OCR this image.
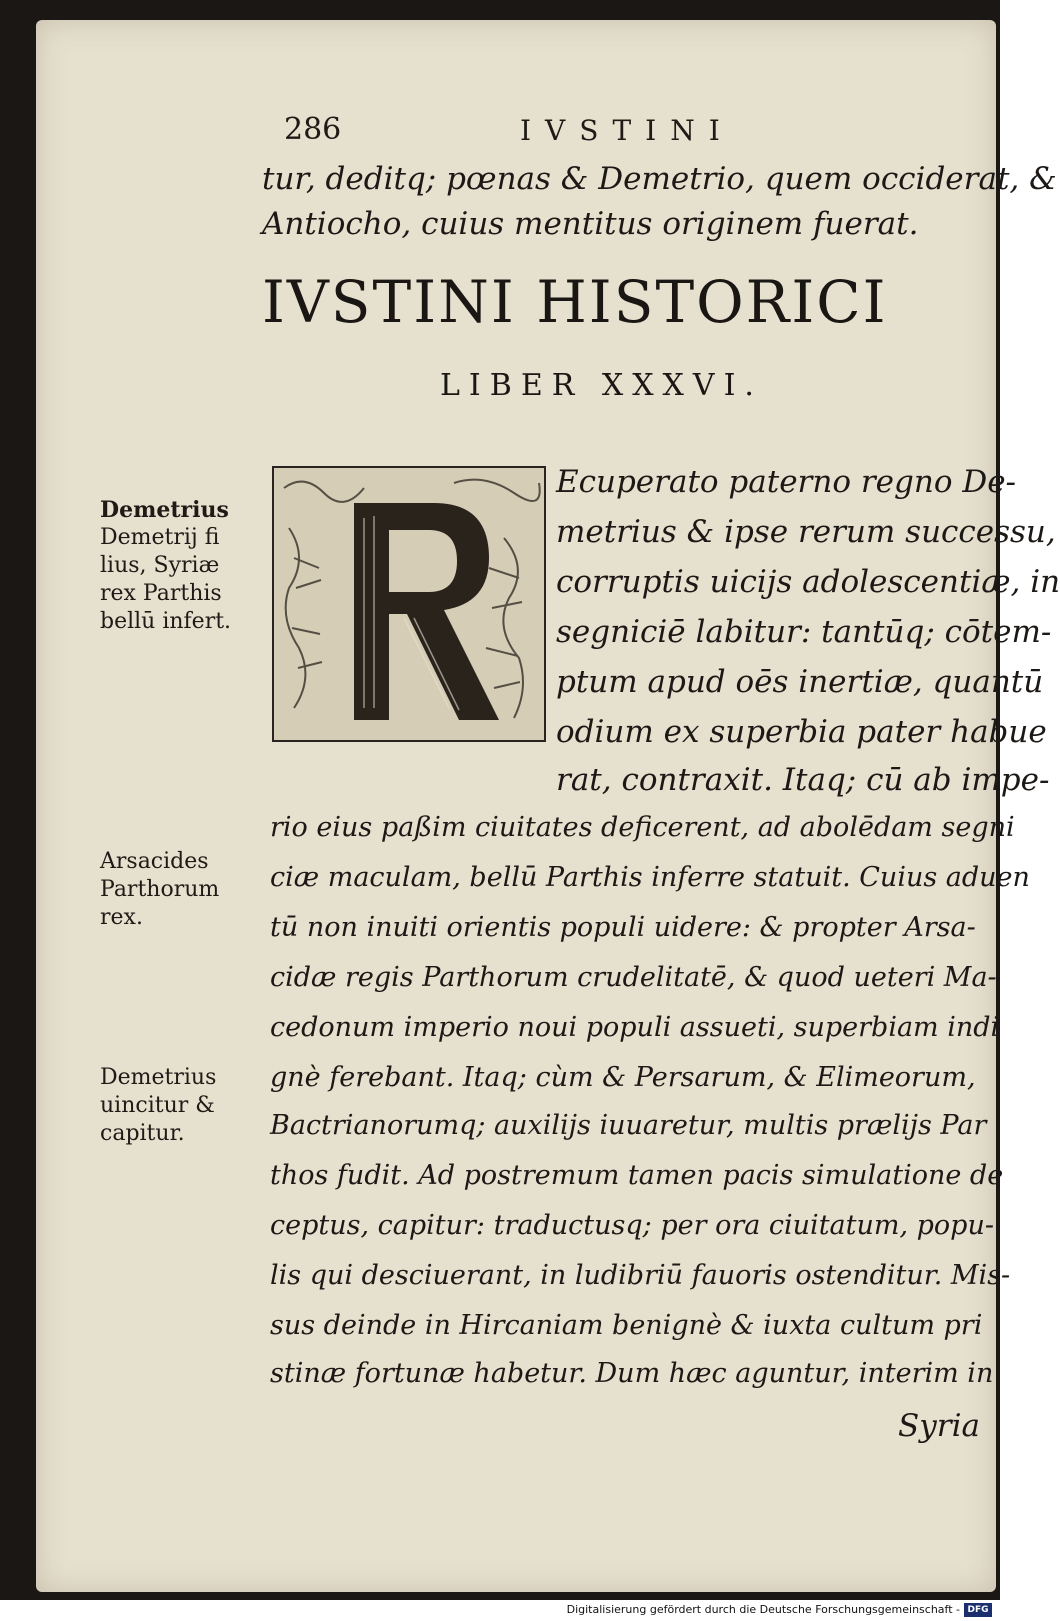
286	IVSTINI
tur, deditq; pœnas & Demetrio, quem occiderat, &
Antiocho, cuius mentitus originem fuerat.
IVSTINI HISTORICI
LIBER XXXVI.
Ecuperato paterno regno De-
metrius & ipse rerum successu,
corruptis uicijs adolescentiæ, in
segniciē labitur: tantūq; cōtem-
ptum apud oēs inertiæ, quantū
odium ex superbia pater habue
rat, contraxit. Itaq; cū ab impe-
rio eius paßim ciuitates deficerent, ad abolēdam segni
ciæ maculam, bellū Parthis inferre statuit. Cuius aduen
tū non inuiti orientis populi uidere: & propter Arsa-
cidæ regis Parthorum crudelitatē, & quod ueteri Ma-
cedonum imperio noui populi assueti, superbiam indi
gnè ferebant. Itaq; cùm & Persarum, & Elimeorum,
Bactrianorumq; auxilijs iuuaretur, multis prælijs Par
thos fudit. Ad postremum tamen pacis simulatione de
ceptus, capitur: traductusq; per ora ciuitatum, popu-
lis qui desciuerant, in ludibriū fauoris ostenditur. Mis-
sus deinde in Hircaniam benignè & iuxta cultum pri
stinæ fortunæ habetur. Dum hæc aguntur, interim in
Syria
Demetrius
Demetrij fi
lius, Syriæ
rex Parthis
bellū infert.
Arsacides
Parthorum
rex.
Demetrius
uincitur &
capitur.
Digitalisierung gefördert durch die Deutsche Forschungsgemeinschaft - DFG
